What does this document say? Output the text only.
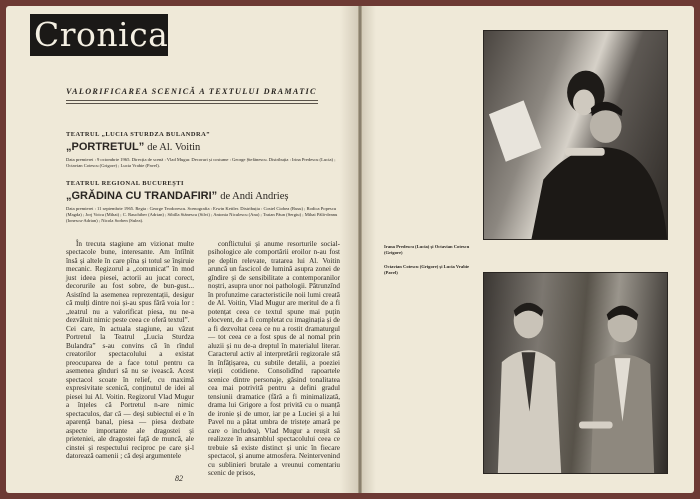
Cronica
VALORIFICAREA SCENICĂ A TEXTULUI DRAMATIC
TEATRUL „LUCIA STURDZA BULANDRA”
„PORTRETUL” de Al. Voitin
Data premierei : 9 octombrie 1965. Direcția de scenă : Vlad Mugur. Decoruri și costume : George Ștefănescu. Distribuția : Irina Predescu (Lucia) ; Octavian Cotescu (Grigore) ; Lucia Vrabie (Pavel).
TEATRUL REGIONAL BUCUREȘTI
„GRĂDINA CU TRANDAFIRI” de Andi Andrieș
Data premierei : 11 septembrie 1965. Regia : George Teodorescu. Scenografia : Erwin Kettler. Distribuția : Costel Ciobea (Rusu) ; Rodica Popescu (Magda) ; Jorj Voicu (Mihai) ; C. Rauchiber (Adrian) ; Sibilla Stănescu (Silvi) ; Antonia Niculescu (Ana) ; Traian Păun (Sergiu) ; Mihai Pălă-deanu (Ionescu-Adrian) ; Nicola Sorben (Sulea).

În trecuta stagiune am vizionat multe spectacole bune, interesante. Am întîlnit însă și altele în care pîna și totul se înșiruie mecanic. Regizorul a „comunicat” în mod just ideea piesei, actorii au jucat corect, decorurile au fost sobre, de bun-gust... Asistînd la asemenea reprezentații, desigur că mulți dintre noi și-au spus fără voia lor : „teatrul nu a valorificat piesa, nu ne-a dezvăluit nimic peste ceea ce oferă textul”.
Cei care, în actuala stagiune, au văzut Portretul la Teatrul „Lucia Sturdza Bulandra” s-au convins că în rîndul creatorilor spectacolului a existat preocuparea de a face totul pentru ca asemenea gînduri să nu se ivească. Acest spectacol scoate în relief, cu maximă expresivitate scenică, conținutul de idei al piesei lui Al. Voitin. Regizorul Vlad Mugur a înțeles că Portretul n-are nimic spectaculos, dar că — deși subiectul ei e în aparență banal, piesa — piesa dezbate aspecte importante ale dragostei și prieteniei, ale dragostei față de muncă, ale cinstei și respectului reciproc pe care și-l datorează oamenii ; că deși argumentele

conflictului și anume resorturile social-psihologice ale comportării eroilor n-au fost pe deplin relevate, tratarea lui Al. Voitin aruncă un fascicol de lumină asupra zonei de gîndire și de sensibilitate a contemporanilor noștri, asupra unor noi pathologii. Pătrunzînd în profunzime caracteristicile noii lumi creată de Al. Voitin, Vlad Mugur are meritul de a fi potențat ceea ce textul spune mai puțin elocvent, de a fi completat cu imaginația și de a fi dezvoltat ceea ce nu a rostit dramaturgul — tot ceea ce a fost spus de al nomal prin aluzii și nu de-a dreptul în materialul literar. Caracterul activ al interpretării regizorale stă în înfățișarea, cu subtile detalii, a poeziei vieții cotidiene. Consolidînd rapoartele scenice dintre personaje, găsind tonalitatea cea mai potrivită pentru a defini gradul tensiunii dramatice (fără a fi minimalizată, drama lui Grigore a fost privită cu o nuanță de ironie și de umor, iar pe a Luciei și a lui Pavel nu a pătat umbra de tristețe amară pe care o includea), Vlad Mugur a reușit să realizeze în ansamblul spectacolului ceea ce trebuie să existe distinct și unic în fiecare spectacol, și anume atmosfera. Neintervenind cu sublinieri brutale a vreunui comentariu scenic de prisos,

82
Irana Predescu (Lucia) și Octavian Cotescu (Grigore)
Octavian Cotescu (Grigore) și Lucia Vrabie (Pavel)
